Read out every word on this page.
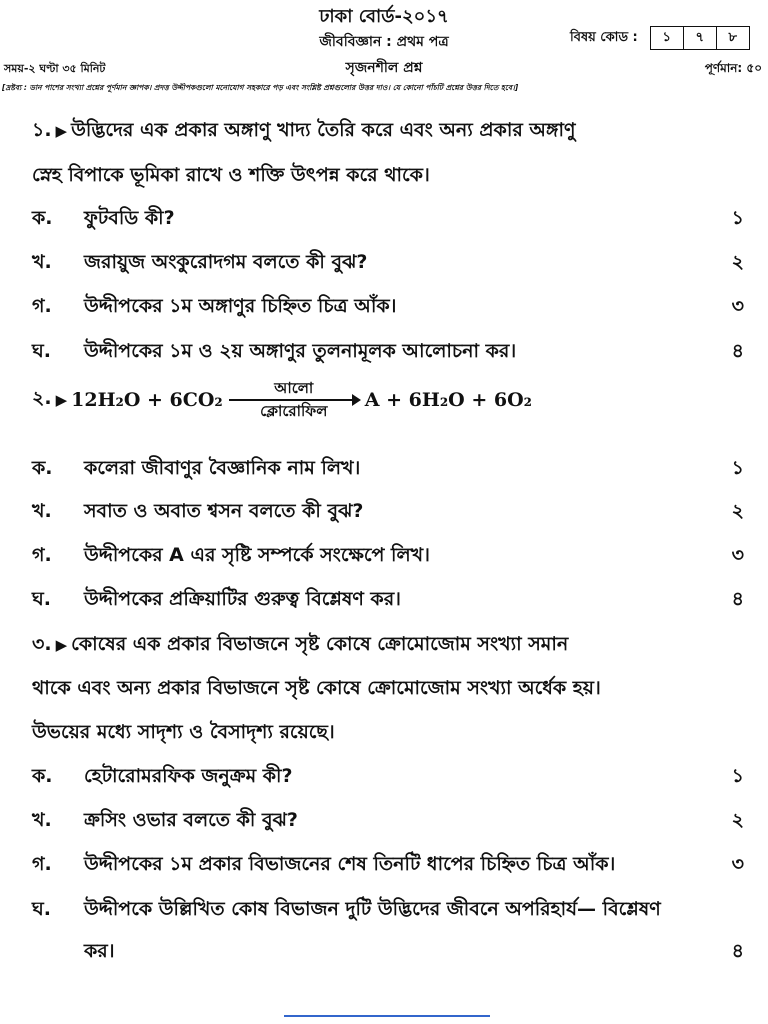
ঢাকা বোর্ড-২০১৭
জীববিজ্ঞান : প্রথম পত্র
সৃজনশীল প্রশ্ন
বিষয় কোড :	১	৭	৮
সময়-২ ঘণ্টা ৩৫ মিনিট	পূর্ণমান: ৫০
[দ্রষ্টব্য : ডান পাশের সংখ্যা প্রশ্নের পূর্ণমান জ্ঞাপক। প্রদত্ত উদ্দীপকগুলো মনোযোগ সহকারে পড় এবং সংশ্লিষ্ট প্রশ্নগুলোর উত্তর দাও। যে কোনো পাঁচটি প্রশ্নের উত্তর দিতে হবে।]
১. ▶ উদ্ভিদের এক প্রকার অঙ্গাণু খাদ্য তৈরি করে এবং অন্য প্রকার অঙ্গাণু
স্নেহ বিপাকে ভূমিকা রাখে ও শক্তি উৎপন্ন করে থাকে।
ক.	ফুটবডি কী?	১
খ.	জরায়ুজ অংকুরোদগম বলতে কী বুঝ?	২
গ.	উদ্দীপকের ১ম অঙ্গাণুর চিহ্নিত চিত্র আঁক।	৩
ঘ.	উদ্দীপকের ১ম ও ২য় অঙ্গাণুর তুলনামূলক আলোচনা কর।	৪
২. ▶ 12H₂O + 6CO₂
আলো
ক্লোরোফিল A + 6H₂O + 6O₂
ক.	কলেরা জীবাণুর বৈজ্ঞানিক নাম লিখ।	১
খ.	সবাত ও অবাত শ্বসন বলতে কী বুঝ?	২
গ.	উদ্দীপকের A এর সৃষ্টি সম্পর্কে সংক্ষেপে লিখ।	৩
ঘ.	উদ্দীপকের প্রক্রিয়াটির গুরুত্ব বিশ্লেষণ কর।	৪
৩. ▶ কোষের এক প্রকার বিভাজনে সৃষ্ট কোষে ক্রোমোজোম সংখ্যা সমান
থাকে এবং অন্য প্রকার বিভাজনে সৃষ্ট কোষে ক্রোমোজোম সংখ্যা অর্ধেক হয়।
উভয়ের মধ্যে সাদৃশ্য ও বৈসাদৃশ্য রয়েছে।
ক.	হেটারোমরফিক জনুক্রম কী?	১
খ.	ক্রসিং ওভার বলতে কী বুঝ?	২
গ.	উদ্দীপকের ১ম প্রকার বিভাজনের শেষ তিনটি ধাপের চিহ্নিত চিত্র আঁক।	৩
ঘ.	উদ্দীপকে উল্লিখিত কোষ বিভাজন দুটি উদ্ভিদের জীবনে অপরিহার্য— বিশ্লেষণ
কর।	৪
